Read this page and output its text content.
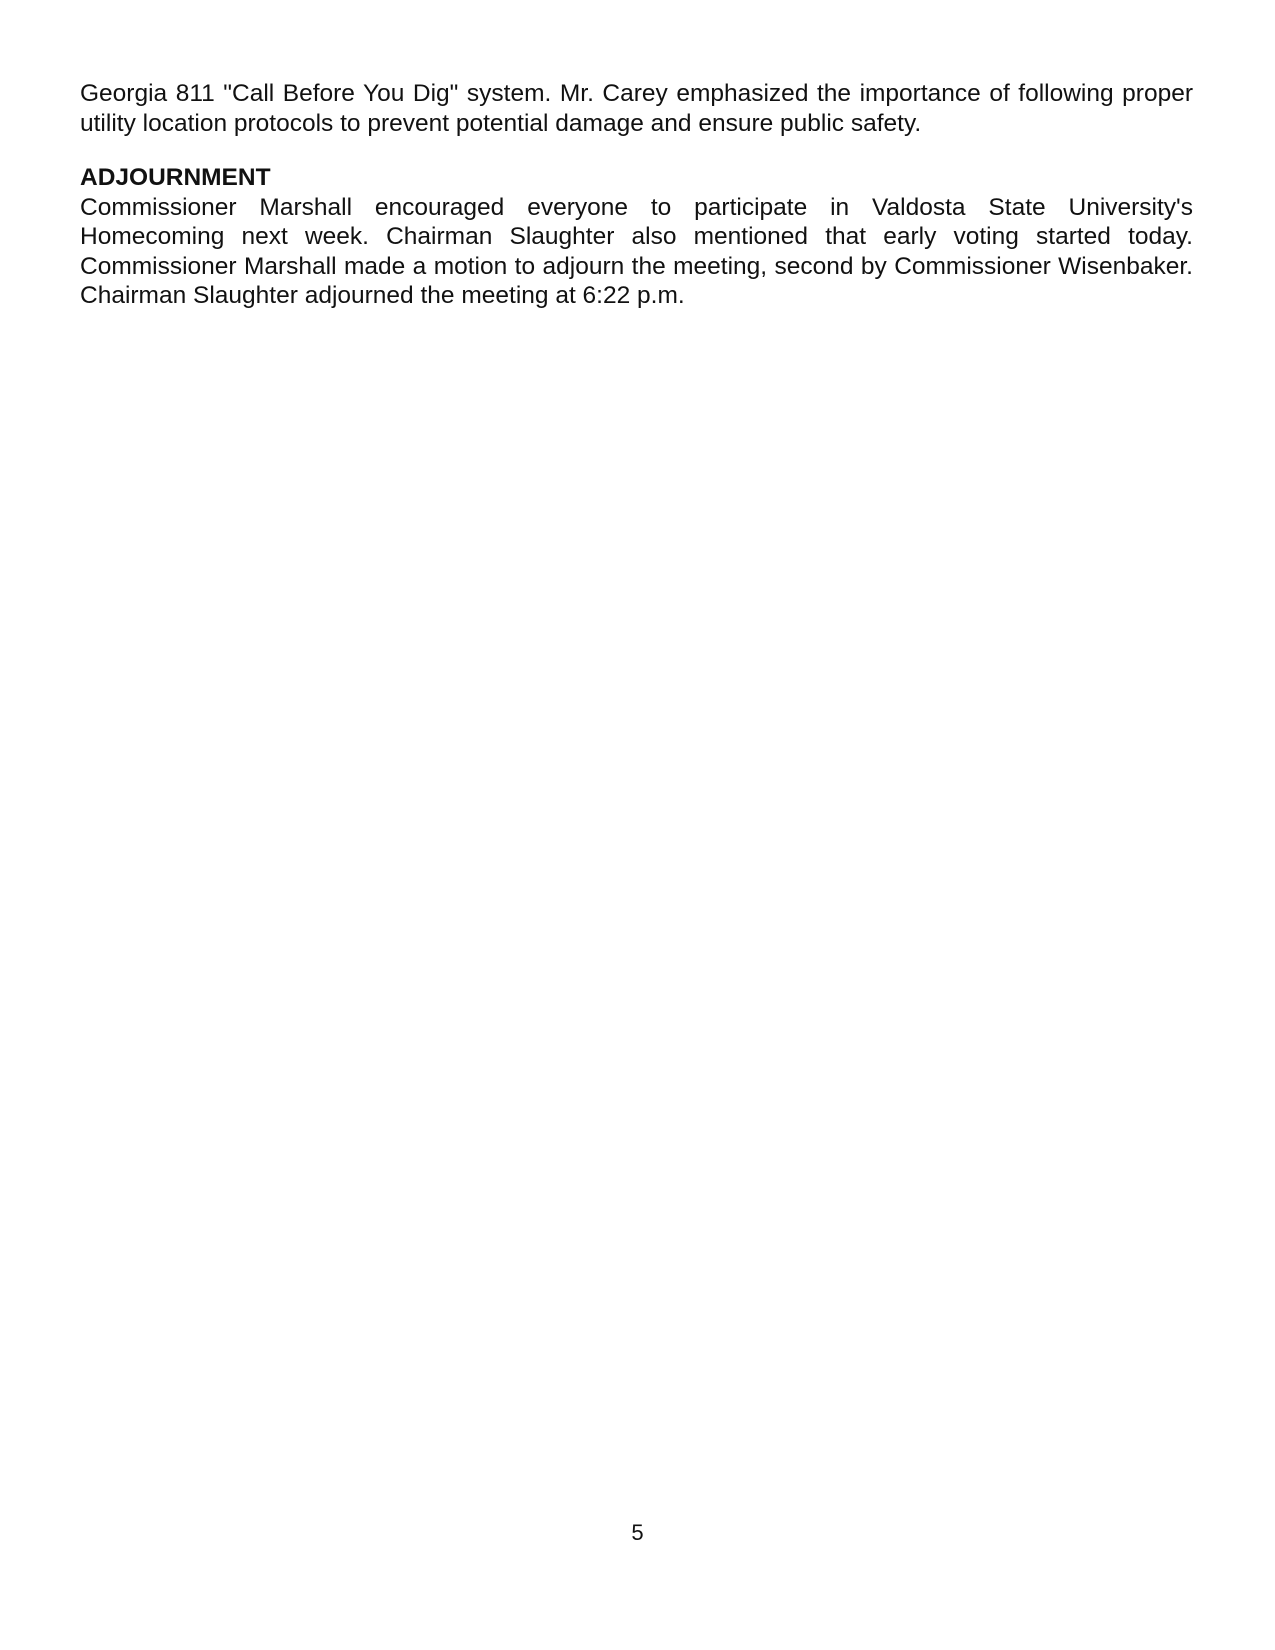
Georgia 811 "Call Before You Dig" system. Mr. Carey emphasized the importance of following proper utility location protocols to prevent potential damage and ensure public safety.

ADJOURNMENT

Commissioner Marshall encouraged everyone to participate in Valdosta State University's Homecoming next week. Chairman Slaughter also mentioned that early voting started today. Commissioner Marshall made a motion to adjourn the meeting, second by Commissioner Wisenbaker. Chairman Slaughter adjourned the meeting at 6:22 p.m.

5
